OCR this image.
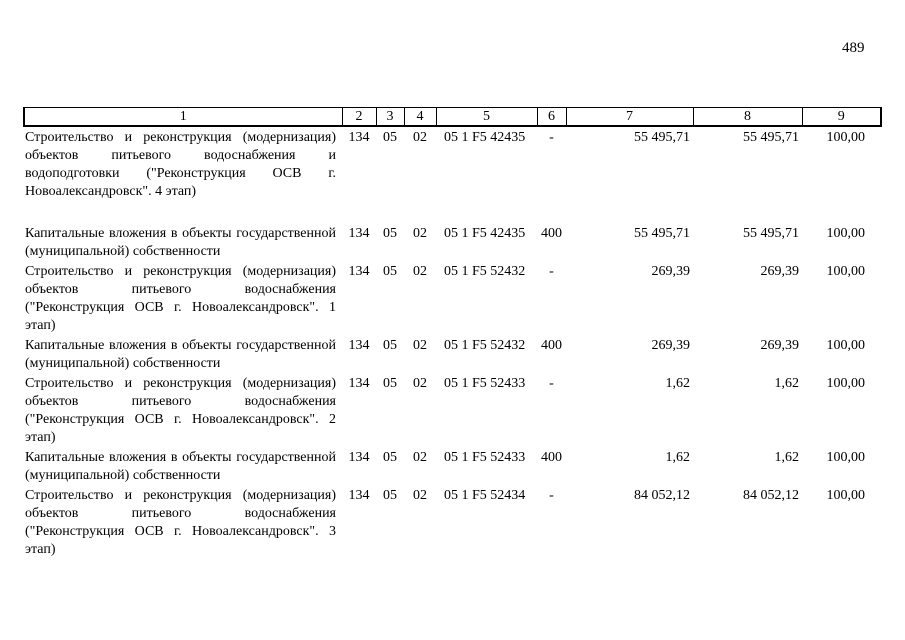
489
1	2	3	4	5	6	7	8	9
Строительство и реконструкция (модернизация) объектов питьевого водоснабжения и водоподготовки ("Реконструкция ОСВ г. Новоалександровск". 4 этап)	134	05	02	05 1 F5 42435	-	55 495,71	55 495,71	100,00
Капитальные вложения в объекты государственной (муниципальной) собственности	134	05	02	05 1 F5 42435	400	55 495,71	55 495,71	100,00
Строительство и реконструкция (модернизация) объектов питьевого водоснабжения ("Реконструкция ОСВ г. Новоалександровск". 1 этап)	134	05	02	05 1 F5 52432	-	269,39	269,39	100,00
Капитальные вложения в объекты государственной (муниципальной) собственности	134	05	02	05 1 F5 52432	400	269,39	269,39	100,00
Строительство и реконструкция (модернизация) объектов питьевого водоснабжения ("Реконструкция ОСВ г. Новоалександровск". 2 этап)	134	05	02	05 1 F5 52433	-	1,62	1,62	100,00
Капитальные вложения в объекты государственной (муниципальной) собственности	134	05	02	05 1 F5 52433	400	1,62	1,62	100,00
Строительство и реконструкция (модернизация) объектов питьевого водоснабжения ("Реконструкция ОСВ г. Новоалександровск". 3 этап)	134	05	02	05 1 F5 52434	-	84 052,12	84 052,12	100,00
